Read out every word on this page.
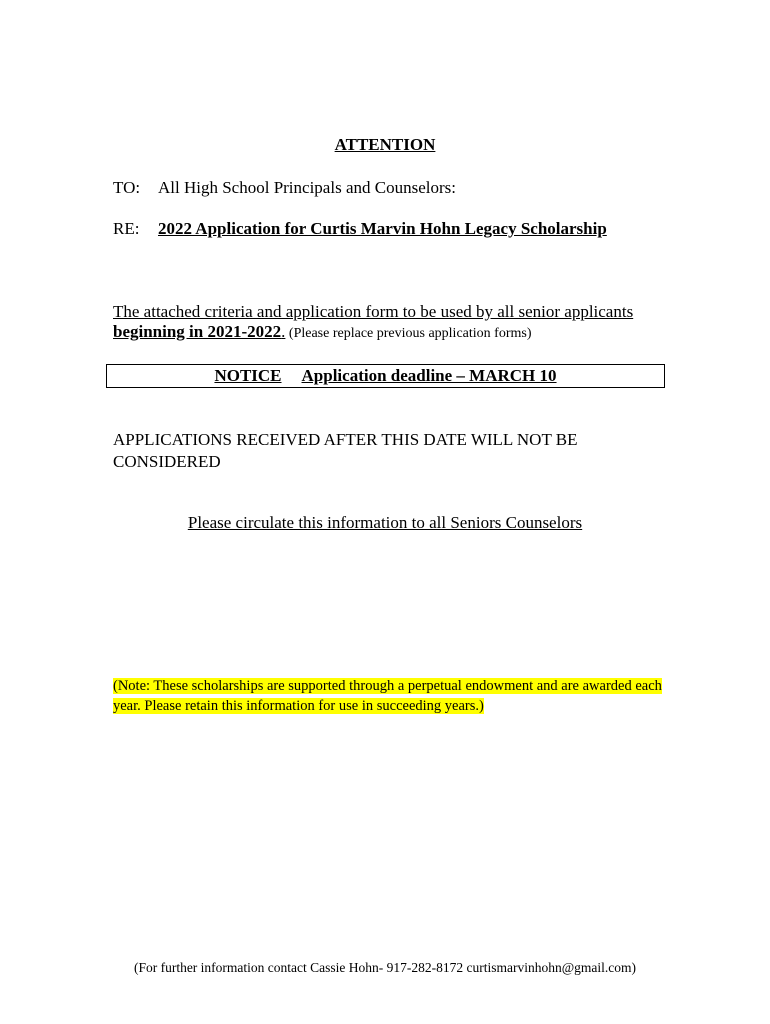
ATTENTION
TO: All High School Principals and Counselors:
RE: 2022 Application for Curtis Marvin Hohn Legacy Scholarship
The attached criteria and application form to be used by all senior applicants
beginning in 2021-2022. (Please replace previous application forms)
NOTICE Application deadline – MARCH 10
APPLICATIONS RECEIVED AFTER THIS DATE WILL NOT BE CONSIDERED
Please circulate this information to all Seniors Counselors
(Note: These scholarships are supported through a perpetual endowment and are awarded each year. Please retain this information for use in succeeding years.)
(For further information contact Cassie Hohn- 917-282-8172 curtismarvinhohn@gmail.com)
